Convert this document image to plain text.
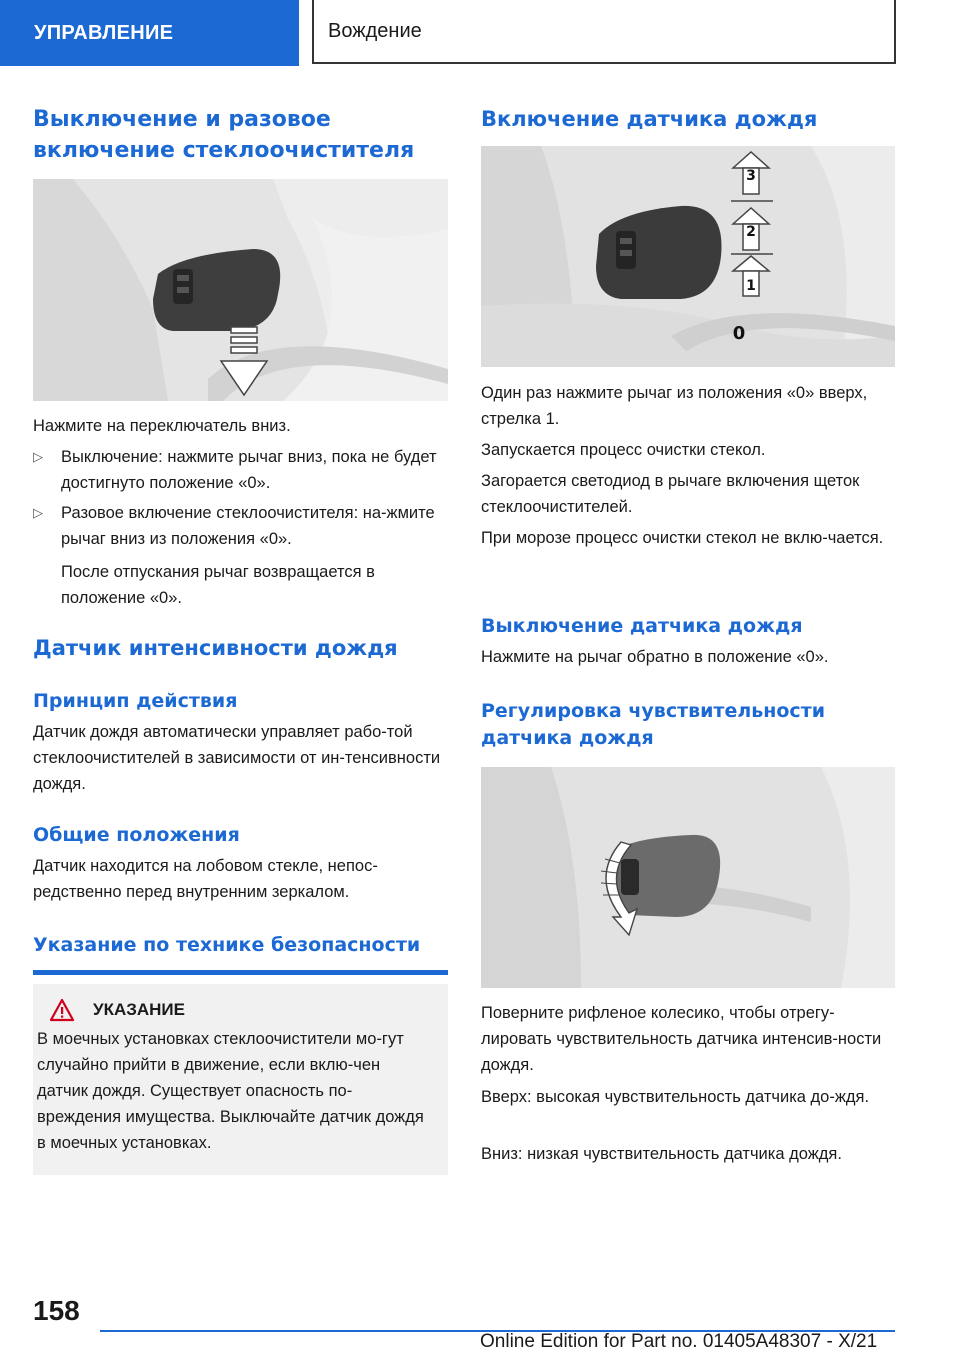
УПРАВЛЕНИЕ	Вождение
Выключение и разовое включение стеклоочистителя

Нажмите на переключатель вниз.

▷	Выключение: нажмите рычаг вниз, пока не будет достигнуто положение «0».

▷	Разовое включение стеклоочистителя: на-жмите рычаг вниз из положения «0».

После отпускания рычаг возвращается в положение «0».

Датчик интенсивности дождя
Принцип действия

Датчик дождя автоматически управляет рабо-той стеклоочистителей в зависимости от ин-тенсивности дождя.

Общие положения

Датчик находится на лобовом стекле, непос-редственно перед внутренним зеркалом.

Указание по технике безопасности
УКАЗАНИЕ

В моечных установках стеклоочистители мо-гут случайно прийти в движение, если вклю-чен датчик дождя. Существует опасность по-вреждения имущества. Выключайте датчик дождя в моечных установках.

Включение датчика дождя
3
2
1
0

Один раз нажмите рычаг из положения «0» вверх, стрелка 1.

Запускается процесс очистки стекол.

Загорается светодиод в рычаге включения щеток стеклоочистителей.

При морозе процесс очистки стекол не вклю-чается.

Выключение датчика дождя

Нажмите на рычаг обратно в положение «0».

Регулировка чувствительности датчика дождя

Поверните рифленое колесико, чтобы отрегу-лировать чувствительность датчика интенсив-ности дождя.

Вверх: высокая чувствительность датчика до-ждя.

Вниз: низкая чувствительность датчика дождя.

158
Online Edition for Part no. 01405A48307 - X/21
